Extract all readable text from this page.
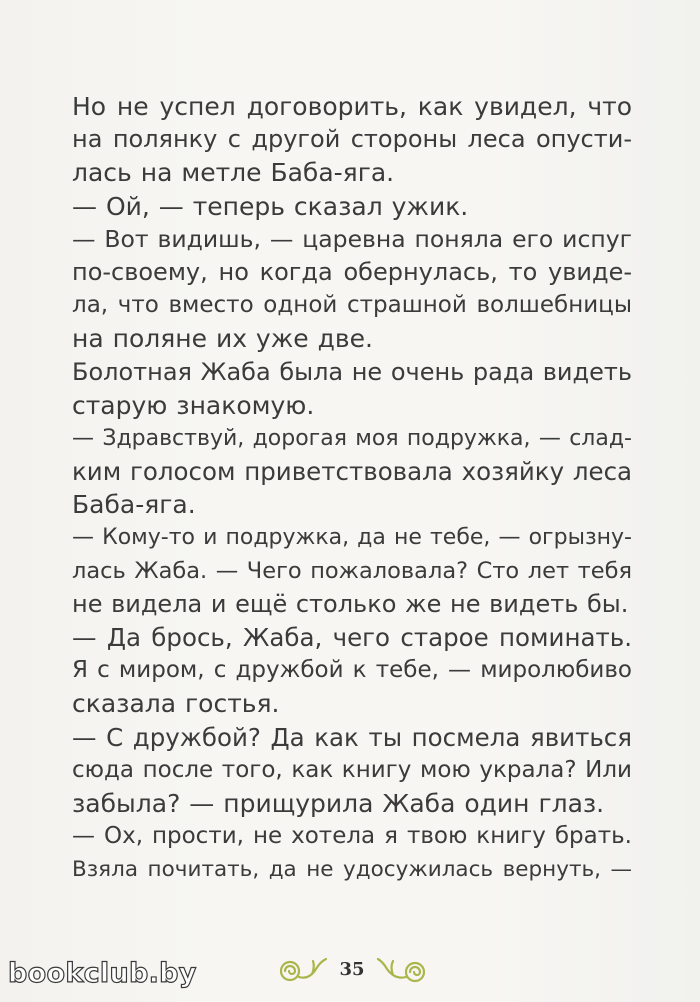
Но не успел договорить, как увидел, что
на полянку с другой стороны леса опусти-
лась на метле Баба-яга.
— Ой, — теперь сказал ужик.
— Вот видишь, — царевна поняла его испуг
по-своему, но когда обернулась, то увиде-
ла, что вместо одной страшной волшебницы
на поляне их уже две.
Болотная Жаба была не очень рада видеть
старую знакомую.
— Здравствуй, дорогая моя подружка, — слад-
ким голосом приветствовала хозяйку леса
Баба-яга.
— Кому-то и подружка, да не тебе, — огрызну-
лась Жаба. — Чего пожаловала? Сто лет тебя
не видела и ещё столько же не видеть бы.
— Да брось, Жаба, чего старое поминать.
Я с миром, с дружбой к тебе, — миролюбиво
сказала гостья.
— С дружбой? Да как ты посмела явиться
сюда после того, как книгу мою украла? Или
забыла? — прищурила Жаба один глаз.
— Ох, прости, не хотела я твою книгу брать.
Взяла почитать, да не удосужилась вернуть, —
35
bookclub.by
